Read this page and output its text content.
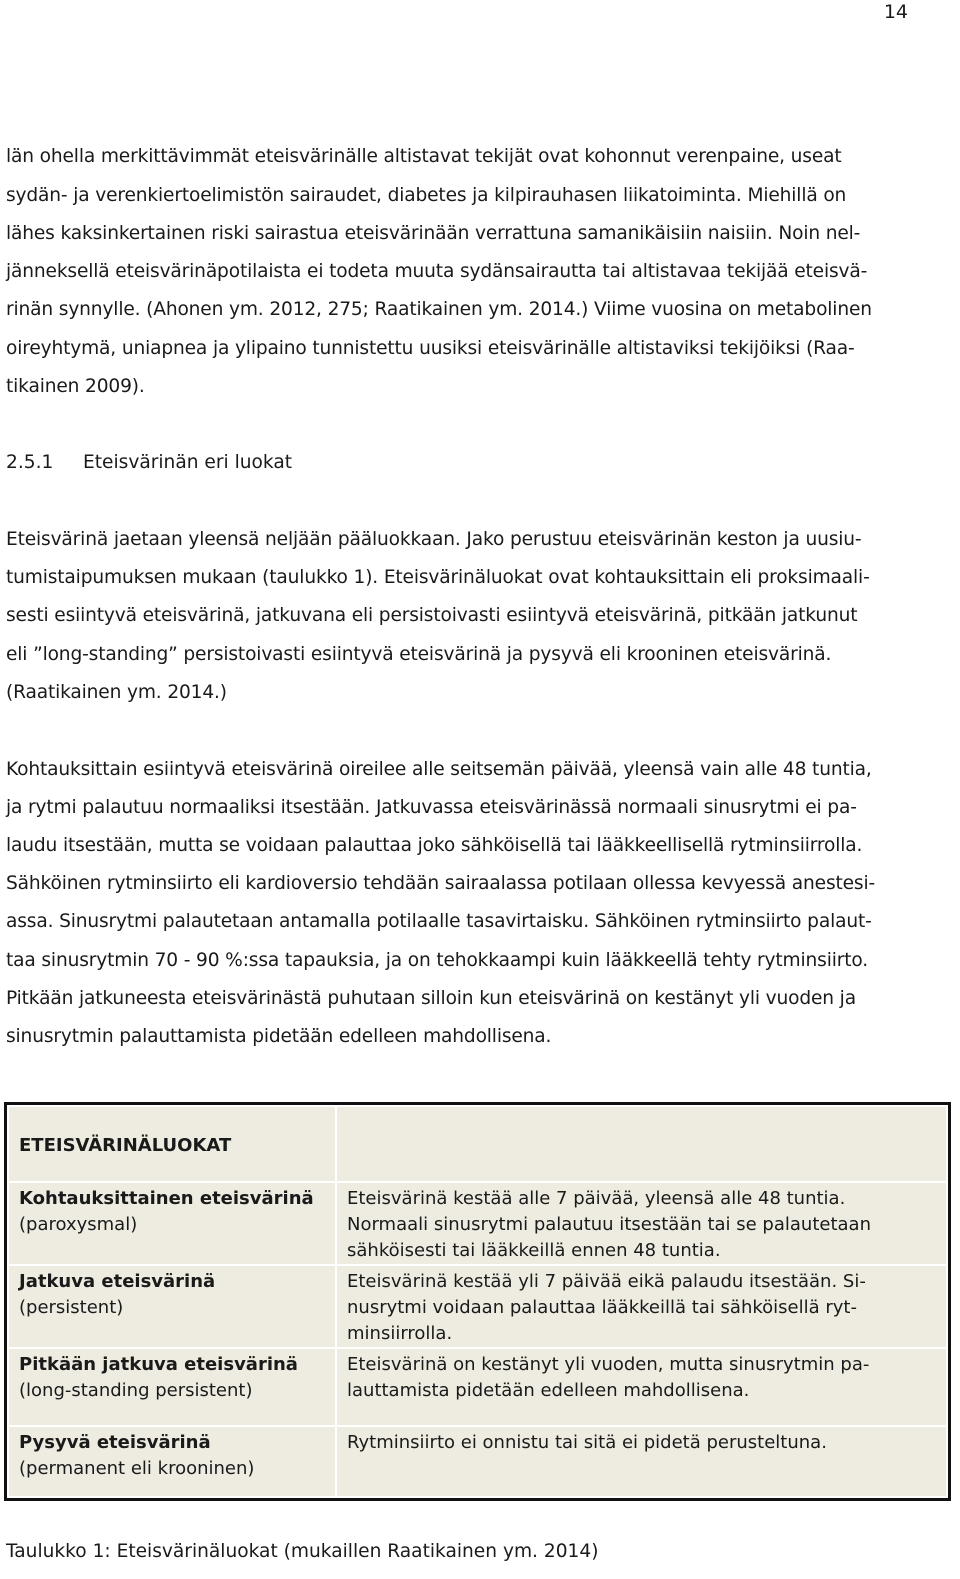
14
län ohella merkittävimmät eteisvärinälle altistavat tekijät ovat kohonnut verenpaine, useat
sydän- ja verenkiertoelimistön sairaudet, diabetes ja kilpirauhasen liikatoiminta. Miehillä on
lähes kaksinkertainen riski sairastua eteisvärinään verrattuna samanikäisiin naisiin. Noin nel-
jänneksellä eteisvärinäpotilaista ei todeta muuta sydänsairautta tai altistavaa tekijää eteisvä-
rinän synnylle. (Ahonen ym. 2012, 275; Raatikainen ym. 2014.) Viime vuosina on metabolinen
oireyhtymä, uniapnea ja ylipaino tunnistettu uusiksi eteisvärinälle altistaviksi tekijöiksi (Raa-
tikainen 2009).
2.5.1 Eteisvärinän eri luokat
Eteisvärinä jaetaan yleensä neljään pääluokkaan. Jako perustuu eteisvärinän keston ja uusiu-
tumistaipumuksen mukaan (taulukko 1). Eteisvärinäluokat ovat kohtauksittain eli proksimaali-
sesti esiintyvä eteisvärinä, jatkuvana eli persistoivasti esiintyvä eteisvärinä, pitkään jatkunut
eli ”long-standing” persistoivasti esiintyvä eteisvärinä ja pysyvä eli krooninen eteisvärinä.
(Raatikainen ym. 2014.)
Kohtauksittain esiintyvä eteisvärinä oireilee alle seitsemän päivää, yleensä vain alle 48 tuntia,
ja rytmi palautuu normaaliksi itsestään. Jatkuvassa eteisvärinässä normaali sinusrytmi ei pa-
laudu itsestään, mutta se voidaan palauttaa joko sähköisellä tai lääkkeellisellä rytminsiirrolla.
Sähköinen rytminsiirto eli kardioversio tehdään sairaalassa potilaan ollessa kevyessä anestesi-
assa. Sinusrytmi palautetaan antamalla potilaalle tasavirtaisku. Sähköinen rytminsiirto palaut-
taa sinusrytmin 70 - 90 %:ssa tapauksia, ja on tehokkaampi kuin lääkkeellä tehty rytminsiirto.
Pitkään jatkuneesta eteisvärinästä puhutaan silloin kun eteisvärinä on kestänyt yli vuoden ja
sinusrytmin palauttamista pidetään edelleen mahdollisena.
ETEISVÄRINÄLUOKAT	

Kohtauksittainen eteisvärinä
(paroxysmal)	Eteisvärinä kestää alle 7 päivää, yleensä alle 48 tuntia.
Normaali sinusrytmi palautuu itsestään tai se palautetaan
sähköisesti tai lääkkeillä ennen 48 tuntia.

Jatkuva eteisvärinä
(persistent)	Eteisvärinä kestää yli 7 päivää eikä palaudu itsestään. Si-
nusrytmi voidaan palauttaa lääkkeillä tai sähköisellä ryt-
minsiirrolla.

Pitkään jatkuva eteisvärinä
(long-standing persistent)	Eteisvärinä on kestänyt yli vuoden, mutta sinusrytmin pa-
lauttamista pidetään edelleen mahdollisena.

Pysyvä eteisvärinä
(permanent eli krooninen)	Rytminsiirto ei onnistu tai sitä ei pidetä perusteltuna.
Taulukko 1: Eteisvärinäluokat (mukaillen Raatikainen ym. 2014)
